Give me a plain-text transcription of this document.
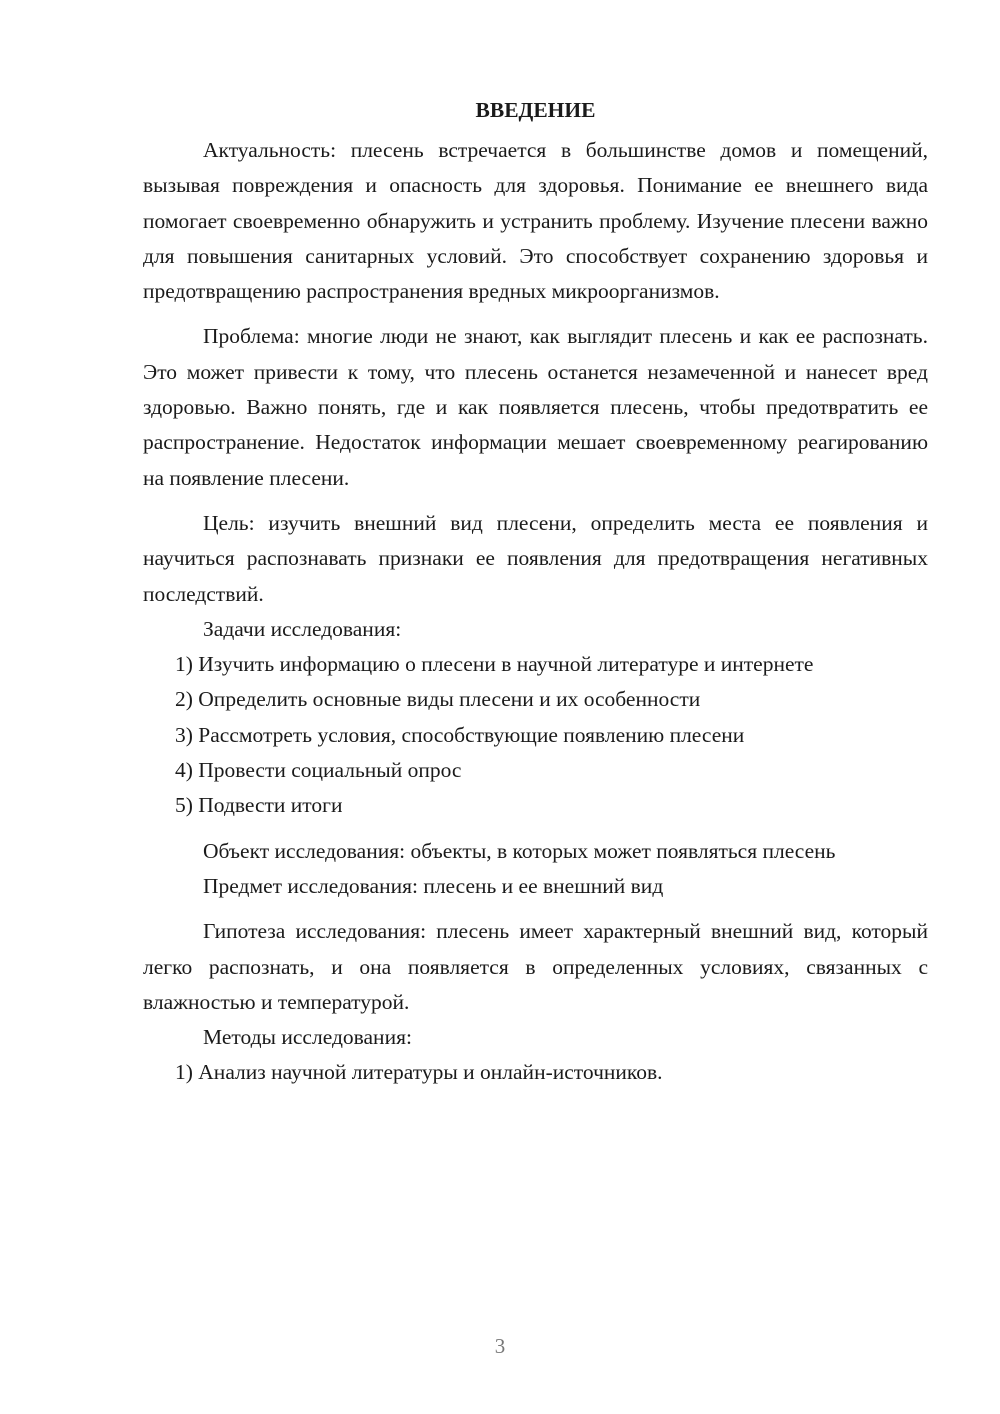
ВВЕДЕНИЕ

Актуальность: плесень встречается в большинстве домов и помещений, вызывая повреждения и опасность для здоровья. Понимание ее внешнего вида помогает своевременно обнаружить и устранить проблему. Изучение плесени важно для повышения санитарных условий. Это способствует сохранению здоровья и предотвращению распространения вредных микроорганизмов.

Проблема: многие люди не знают, как выглядит плесень и как ее распознать. Это может привести к тому, что плесень останется незамеченной и нанесет вред здоровью. Важно понять, где и как появляется плесень, чтобы предотвратить ее распространение. Недостаток информации мешает своевременному реагированию на появление плесени.

Цель: изучить внешний вид плесени, определить места ее появления и научиться распознавать признаки ее появления для предотвращения негативных последствий.

Задачи исследования:

1) Изучить информацию о плесени в научной литературе и интернете

2) Определить основные виды плесени и их особенности

3) Рассмотреть условия, способствующие появлению плесени

4) Провести социальный опрос

5) Подвести итоги

Объект исследования: объекты, в которых может появляться плесень

Предмет исследования: плесень и ее внешний вид

Гипотеза исследования: плесень имеет характерный внешний вид, который легко распознать, и она появляется в определенных условиях, связанных с влажностью и температурой.

Методы исследования:

1) Анализ научной литературы и онлайн-источников.

3
